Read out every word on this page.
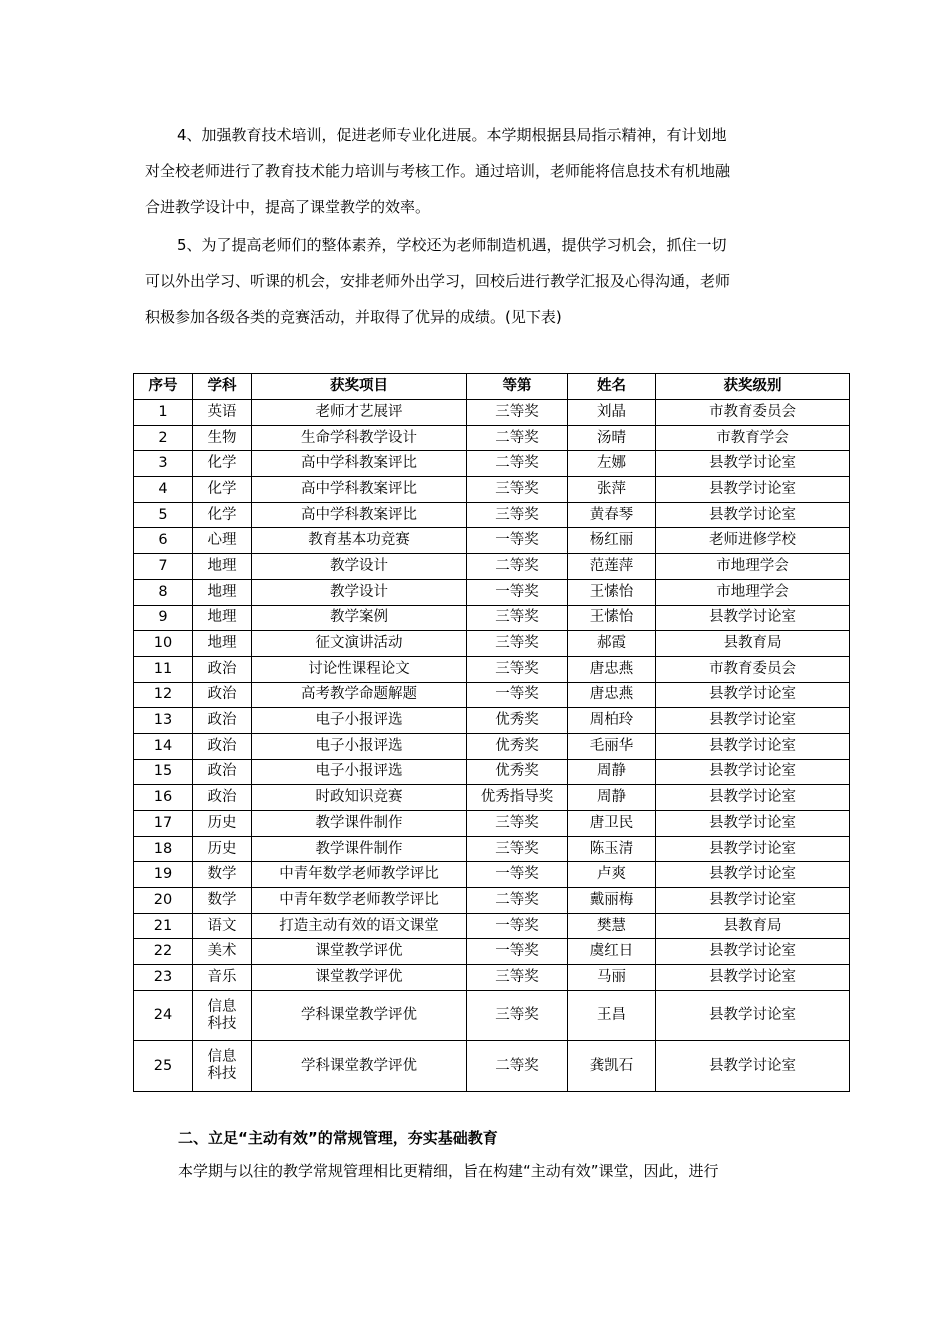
4、加强教育技术培训，促进老师专业化进展。本学期根据县局指示精神，有计划地
对全校老师进行了教育技术能力培训与考核工作。通过培训，老师能将信息技术有机地融
合进教学设计中，提高了课堂教学的效率。

5、为了提高老师们的整体素养，学校还为老师制造机遇，提供学习机会，抓住一切
可以外出学习、听课的机会，安排老师外出学习，回校后进行教学汇报及心得沟通，老师
积极参加各级各类的竞赛活动，并取得了优异的成绩。(见下表)

序号	学科	获奖项目	等第	姓名	获奖级别
1	英语	老师才艺展评	三等奖	刘晶	市教育委员会
2	生物	生命学科教学设计	二等奖	汤晴	市教育学会
3	化学	高中学科教案评比	二等奖	左娜	县教学讨论室
4	化学	高中学科教案评比	三等奖	张萍	县教学讨论室
5	化学	高中学科教案评比	三等奖	黄春琴	县教学讨论室
6	心理	教育基本功竞赛	一等奖	杨红丽	老师进修学校
7	地理	教学设计	二等奖	范莲萍	市地理学会
8	地理	教学设计	一等奖	王愫怡	市地理学会
9	地理	教学案例	三等奖	王愫怡	县教学讨论室
10	地理	征文演讲活动	三等奖	郝霞	县教育局
11	政治	讨论性课程论文	三等奖	唐忠燕	市教育委员会
12	政治	高考教学命题解题	一等奖	唐忠燕	县教学讨论室
13	政治	电子小报评选	优秀奖	周柏玲	县教学讨论室
14	政治	电子小报评选	优秀奖	毛丽华	县教学讨论室
15	政治	电子小报评选	优秀奖	周静	县教学讨论室
16	政治	时政知识竞赛	优秀指导奖	周静	县教学讨论室
17	历史	教学课件制作	三等奖	唐卫民	县教学讨论室
18	历史	教学课件制作	三等奖	陈玉清	县教学讨论室
19	数学	中青年数学老师教学评比	一等奖	卢爽	县教学讨论室
20	数学	中青年数学老师教学评比	二等奖	戴丽梅	县教学讨论室
21	语文	打造主动有效的语文课堂	一等奖	樊慧	县教育局
22	美术	课堂教学评优	一等奖	虞红日	县教学讨论室
23	音乐	课堂教学评优	三等奖	马丽	县教学讨论室
24	信息
科技	学科课堂教学评优	三等奖	王昌	县教学讨论室
25	信息
科技	学科课堂教学评优	二等奖	龚凯石	县教学讨论室

二、立足“主动有效”的常规管理，夯实基础教育

本学期与以往的教学常规管理相比更精细，旨在构建“主动有效”课堂，因此，进行
